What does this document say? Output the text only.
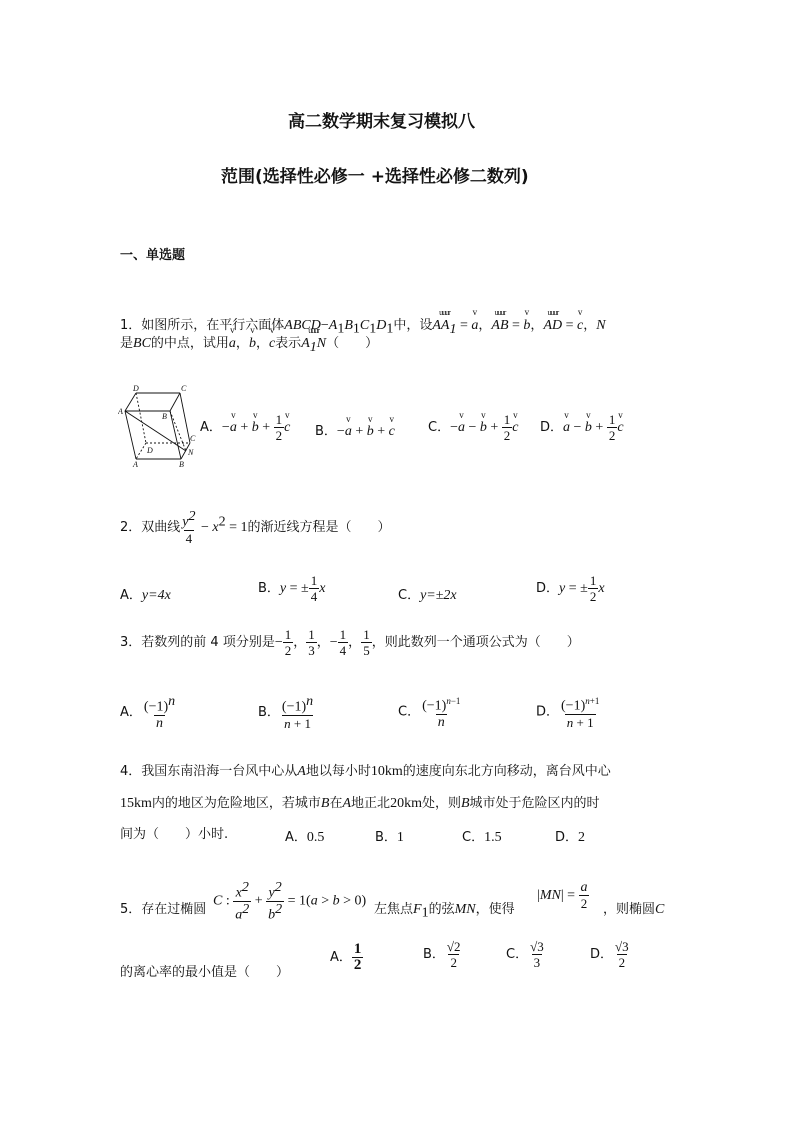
高二数学期末复习模拟八
范围(选择性必修一 +选择性必修二数列)
一、单选题
1．如图所示，在平行六面体$ABCD-A_1B_1C_1D_1$中，设uuur $AA_1 = v$ a，uuur AB = v b，uuur AD = v c，N
是BC的中点，试用v a，v b，v c表示uuur $A_1N$（　　）
D	C
A
B
D
C
A	B
N
A．−v a + v $b + \frac{1}{2}$ v c B．−v a + v b + v c	C．−v a − v $b + \frac{1}{2}$ v c D．v a − v $b + \frac{1}{2}$ v c
2．双曲线 $\frac{y^2}{4} - x^2 = 1$的渐近线方程是（　　）
A．y=4x	B．y = ± $\frac{1}{4}$ x	C．y=±2x	D．y = ± $\frac{1}{2}$ x
3．若数列的前 4 项分别是− $\frac{1}{2}$ ， $\frac{1}{3}$ ，− $\frac{1}{4}$ ， $\frac{1}{5}$ ，则此数列一个通项公式为（　　）
A． $\frac{(-1)^n}{n}$	B． $\frac{(-1)^n}{n + 1}$	C． $\frac{(-1)^{n-1}}{n}$	D． $\frac{(-1)^{n+1}}{n + 1}$
4．我国东南沿海一台风中心从A地以每小时10km的速度向东北方向移动，离台风中心
15km内的地区为危险地区，若城市B在A地正北20km处，则B城市处于危险区内的时
间为（　　）小时.	A．0.5	B．1	C．1.5	D．2
5．存在过椭圆
C : $\frac{x^2}{a^2} + \frac{y^2}{b^2} = 1(a > b > 0)$
左焦点$F_1$的弦MN，使得
$|MN| = \frac{a}{2}$ ，则椭圆C
的离心率的最小值是（　　）
A． $\frac{1}{2}$	B． $\frac{√2}{2}$	C． $\frac{√3}{3}$	D． $\frac{√3}{2}$
